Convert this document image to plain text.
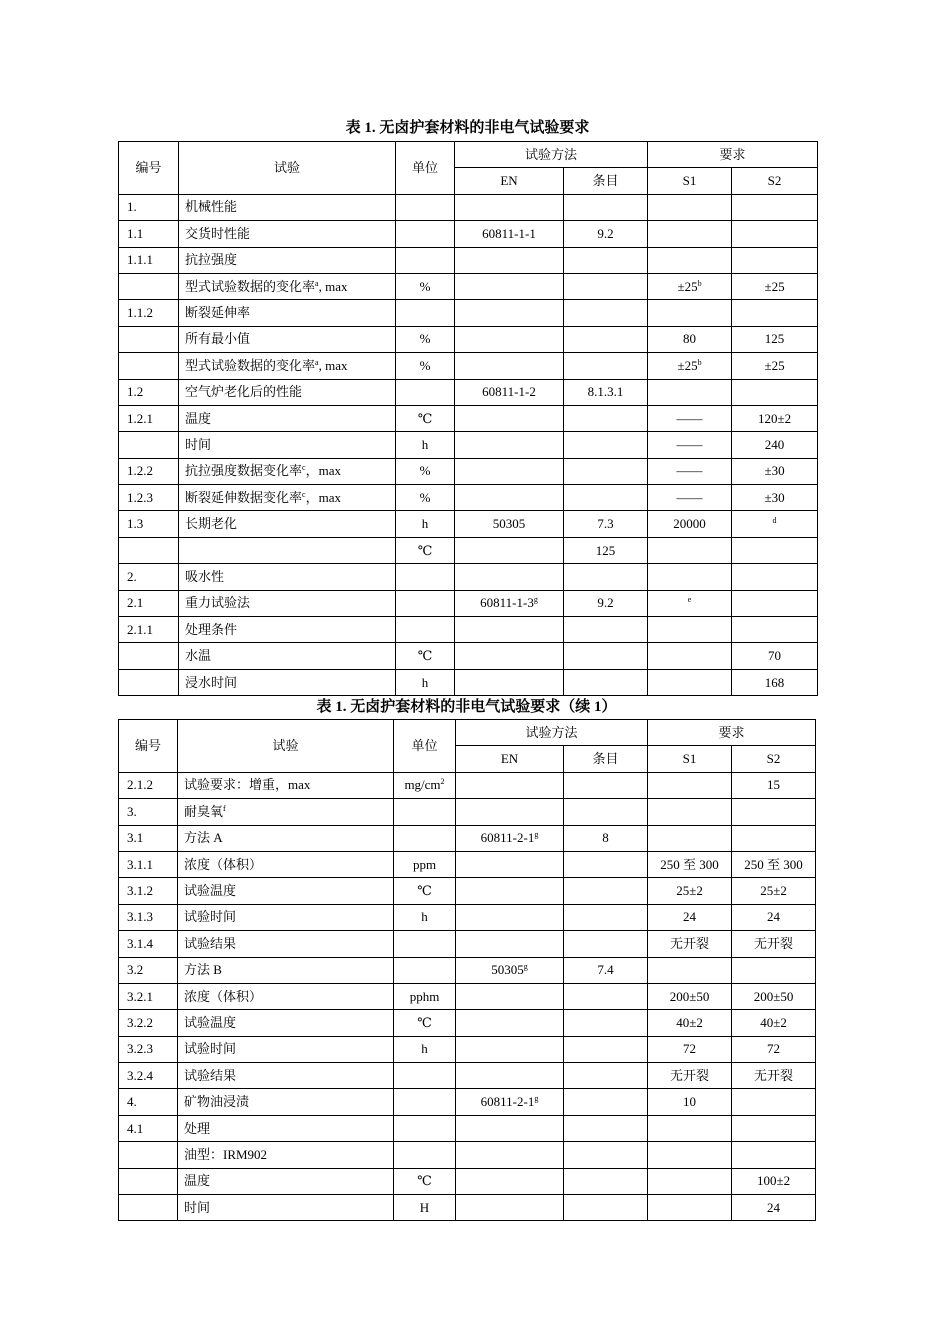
表 1. 无卤护套材料的非电气试验要求
编号	试验	单位	试验方法		要求	
			EN	条目	S1	S2
1.	机械性能					
1.1	交货时性能		60811-1-1	9.2		
1.1.1	抗拉强度					
	型式试验数据的变化率$^a$, max	%			$\pm 25^b$	±25
1.1.2	断裂延伸率					
	所有最小值	%			80	125
	型式试验数据的变化率$^a$, max	%			$\pm 25^b$	±25
1.2	空气炉老化后的性能		60811-1-2	8.1.3.1		
1.2.1	温度	℃			——	120±2
	时间	h			——	240
1.2.2	抗拉强度数据变化率$^c$，max	%			——	±30
1.2.3	断裂延伸数据变化率$^c$，max	%			——	±30
1.3	长期老化	h	50305	7.3	20000	$^d$
		℃		125		
2.	吸水性					
2.1	重力试验法		60811-1-3$^g$	9.2	$^e$	
2.1.1	处理条件					
	水温	℃				70
	浸水时间	h				168
表 1. 无卤护套材料的非电气试验要求（续 1）
编号	试验	单位	试验方法		要求	
			EN	条目	S1	S2
2.1.2	试验要求：增重，max	$mg/cm^2$				15
3.	耐臭氧$^f$					
3.1	方法 A		60811-2-1$^g$	8		
3.1.1	浓度（体积）	ppm			250 至 300	250 至 300
3.1.2	试验温度	℃			25±2	25±2
3.1.3	试验时间	h			24	24
3.1.4	试验结果				无开裂	无开裂
3.2	方法 B		50305$^g$	7.4		
3.2.1	浓度（体积）	pphm			200±50	200±50
3.2.2	试验温度	℃			40±2	40±2
3.2.3	试验时间	h			72	72
3.2.4	试验结果				无开裂	无开裂
4.	矿物油浸渍		60811-2-1$^g$		10	
4.1	处理					
	油型：IRM902					
	温度	℃				100±2
	时间	H				24
